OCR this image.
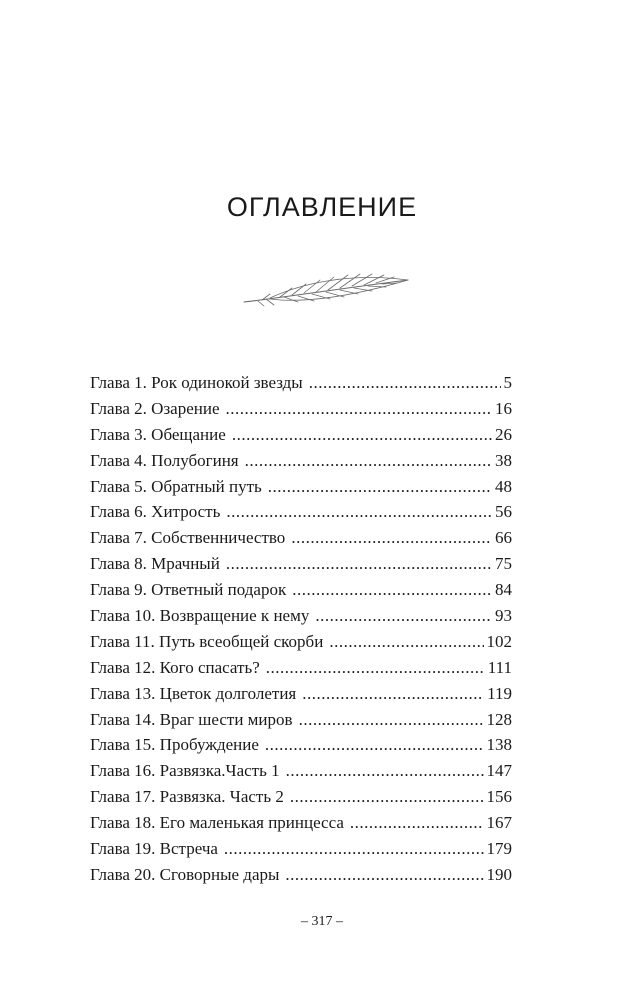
ОГЛАВЛЕНИЕ
Глава 1. Рок одинокой звезды .....	5
Глава 2. Озарение .....	16
Глава 3. Обещание .....	26
Глава 4. Полубогиня .....	38
Глава 5. Обратный путь .....	48
Глава 6. Хитрость .....	56
Глава 7. Собственничество .....	66
Глава 8. Мрачный .....	75
Глава 9. Ответный подарок .....	84
Глава 10. Возвращение к нему .....	93
Глава 11. Путь всеобщей скорби .....	102
Глава 12. Кого спасать? .....	111
Глава 13. Цветок долголетия .....	119
Глава 14. Враг шести миров .....	128
Глава 15. Пробуждение .....	138
Глава 16. Развязка.Часть 1 .....	147
Глава 17. Развязка. Часть 2 .....	156
Глава 18. Его маленькая принцесса .....	167
Глава 19. Встреча .....	179
Глава 20. Сговорные дары .....	190
– 317 –
